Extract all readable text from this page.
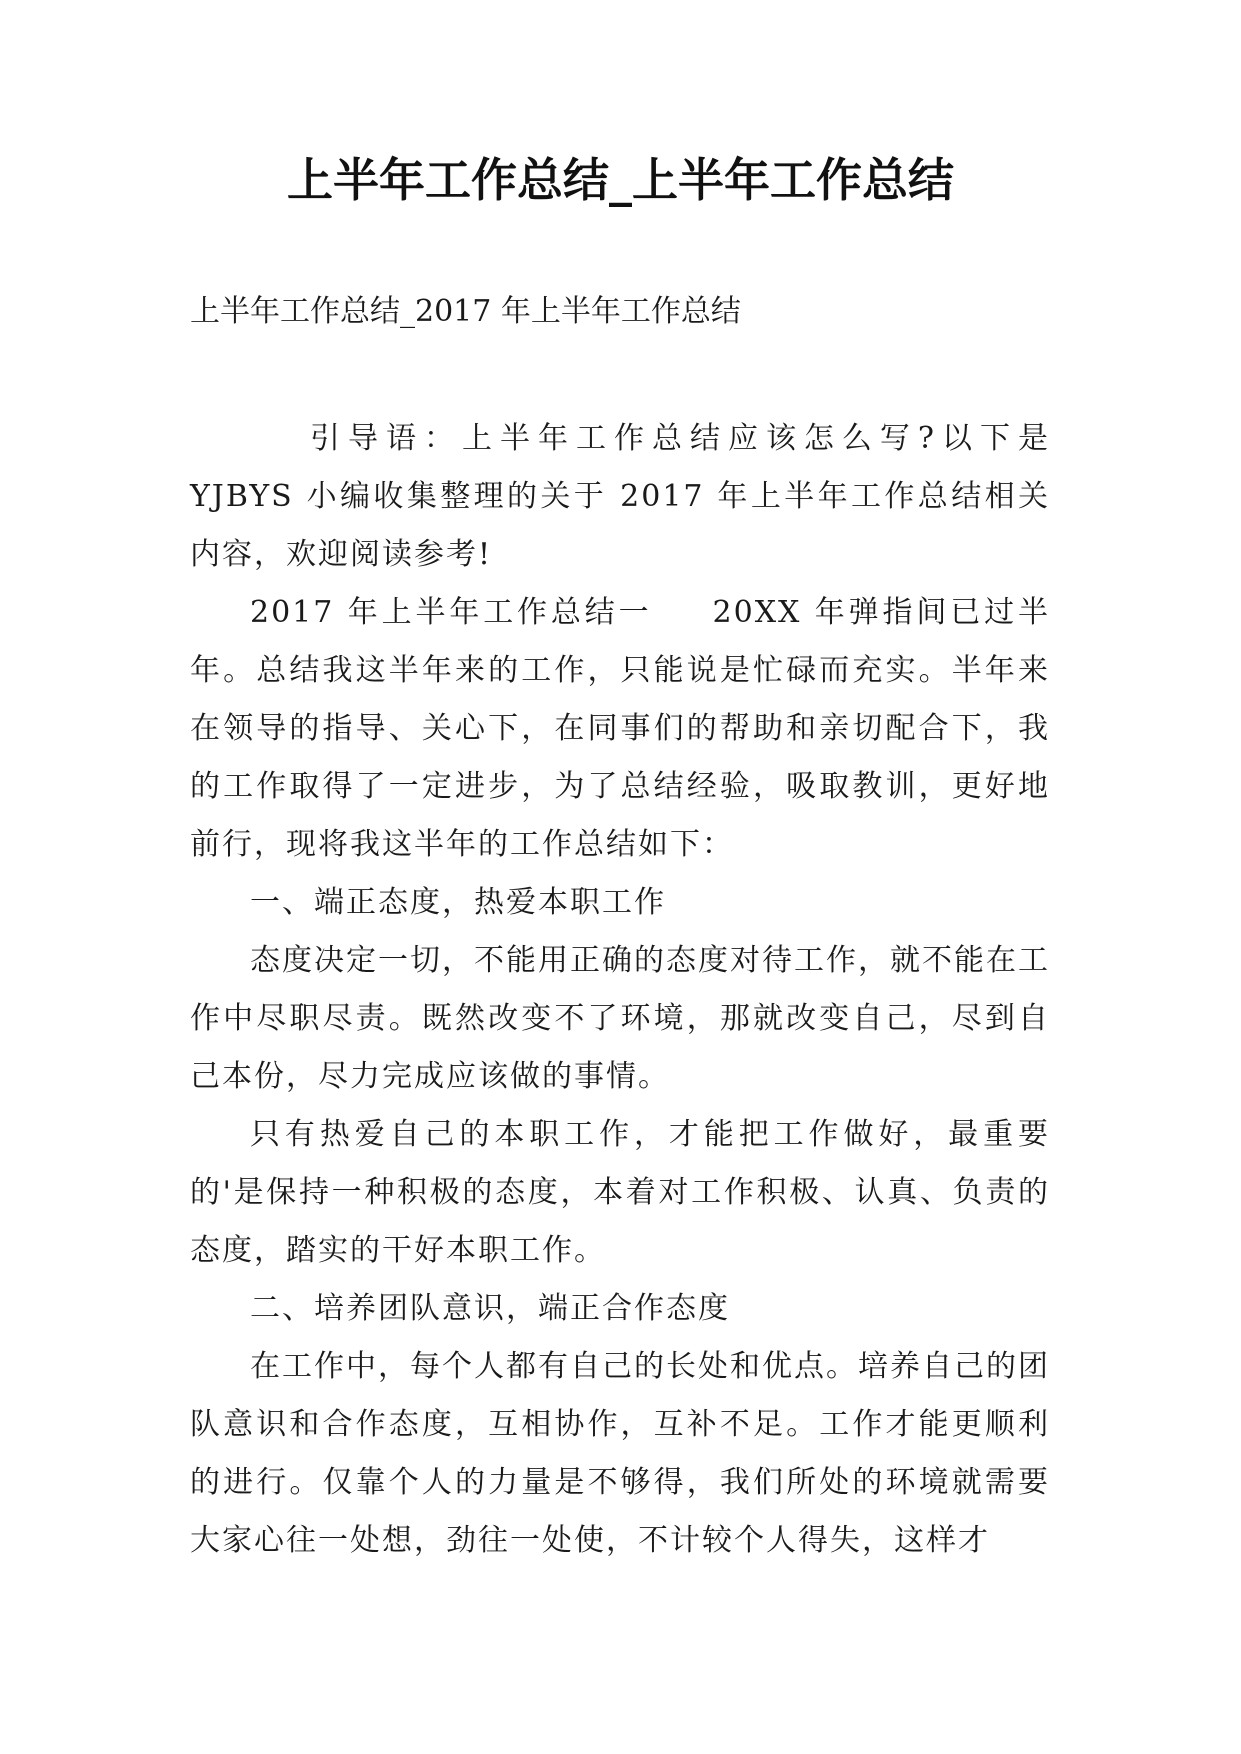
上半年工作总结_上半年工作总结

上半年工作总结_2017 年上半年工作总结

引导语：上半年工作总结应该怎么写?以下是 YJBYS 小编收集整理的关于 2017 年上半年工作总结相关内容，欢迎阅读参考!

2017 年上半年工作总结一 20XX 年弹指间已过半年。总结我这半年来的工作，只能说是忙碌而充实。半年来在领导的指导、关心下，在同事们的帮助和亲切配合下，我的工作取得了一定进步，为了总结经验，吸取教训，更好地前行，现将我这半年的工作总结如下：

一、端正态度，热爱本职工作

态度决定一切，不能用正确的态度对待工作，就不能在工作中尽职尽责。既然改变不了环境，那就改变自己，尽到自己本份，尽力完成应该做的事情。

只有热爱自己的本职工作，才能把工作做好，最重要的'是保持一种积极的态度，本着对工作积极、认真、负责的态度，踏实的干好本职工作。

二、培养团队意识，端正合作态度

在工作中，每个人都有自己的长处和优点。培养自己的团队意识和合作态度，互相协作，互补不足。工作才能更顺利的进行。仅靠个人的力量是不够得，我们所处的环境就需要大家心往一处想，劲往一处使，不计较个人得失，这样才
